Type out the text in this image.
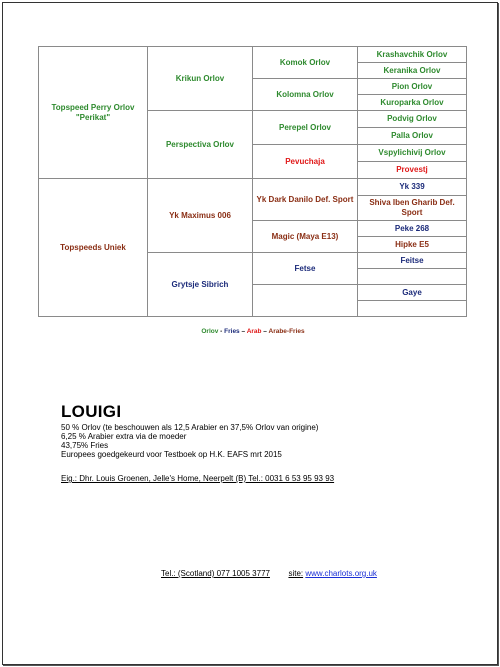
Topspeed Perry Orlov "Perikat"	Krikun Orlov	Komok Orlov	Krashavchik Orlov
			Keranika Orlov
		Kolomna Orlov	Pion Orlov
			Kuroparka Orlov
	Perspectiva Orlov	Perepel Orlov	Podvig Orlov
			Palla Orlov
		Pevuchaja	Vspylichivij Orlov
			Provestj
Topspeeds Uniek	Yk Maximus 006	Yk Dark Danilo Def. Sport	Yk 339
			Shiva Iben Gharib Def. Sport
		Magic (Maya E13)	Peke 268
			Hipke E5
	Grytsje Sibrich	Fetse	Feitse

			Gaye

Orlov - Fries – Arab – Arabe-Fries
LOUIGI
50 % Orlov (te beschouwen als 12,5 Arabier en 37,5% Orlov van origine)
6,25 % Arabier extra via de moeder
43,75% Fries
Europees goedgekeurd voor Testboek op H.K. EAFS mrt 2015
Eig.: Dhr. Louis Groenen, Jelle's Home, Neerpelt (B) Tel.: 0031 6 53 95 93 93
Tel.: (Scotland) 077 1005 3777 site: www.charlots.org.uk
